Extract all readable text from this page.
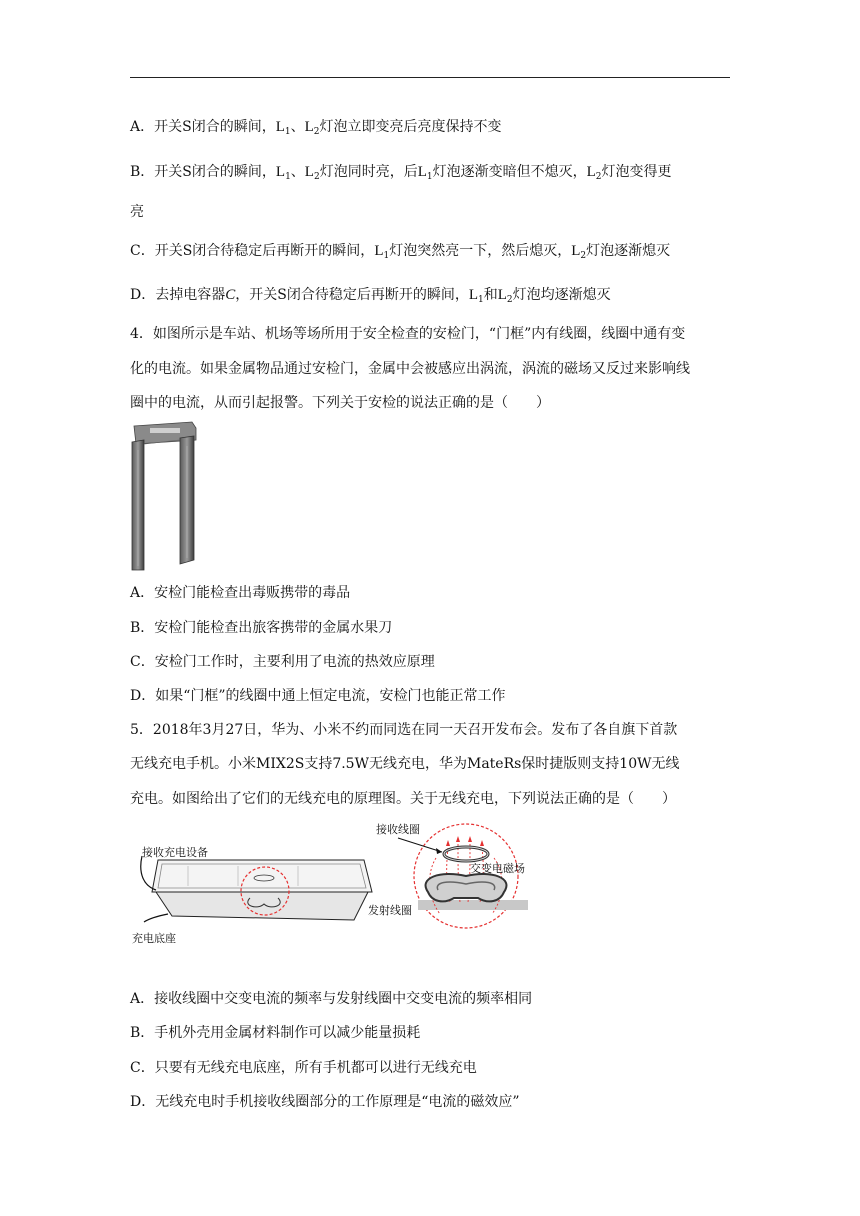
A．开关S闭合的瞬间，$L_1$、$L_2$灯泡立即变亮后亮度保持不变
B．开关S闭合的瞬间，$L_1$、$L_2$灯泡同时亮，后$L_1$灯泡逐渐变暗但不熄灭，$L_2$灯泡变得更
亮
C．开关S闭合待稳定后再断开的瞬间，$L_1$灯泡突然亮一下，然后熄灭，$L_2$灯泡逐渐熄灭
D．去掉电容器C，开关S闭合待稳定后再断开的瞬间，$L_1$和$L_2$灯泡均逐渐熄灭
4．如图所示是车站、机场等场所用于安全检查的安检门，“门框”内有线圈，线圈中通有变
化的电流。如果金属物品通过安检门，金属中会被感应出涡流，涡流的磁场又反过来影响线
圈中的电流，从而引起报警。下列关于安检的说法正确的是（　　）
A．安检门能检查出毒贩携带的毒品
B．安检门能检查出旅客携带的金属水果刀
C．安检门工作时，主要利用了电流的热效应原理
D．如果“门框”的线圈中通上恒定电流，安检门也能正常工作
5．2018年3月27日，华为、小米不约而同选在同一天召开发布会。发布了各自旗下首款
无线充电手机。小米MIX2S支持7.5W无线充电，华为MateRs保时捷版则支持10W无线
充电。如图给出了它们的无线充电的原理图。关于无线充电，下列说法正确的是（　　）
接收充电设备
充电底座
接收线圈
交变电磁场
发射线圈
A．接收线圈中交变电流的频率与发射线圈中交变电流的频率相同
B．手机外壳用金属材料制作可以减少能量损耗
C．只要有无线充电底座，所有手机都可以进行无线充电
D．无线充电时手机接收线圈部分的工作原理是“电流的磁效应”
